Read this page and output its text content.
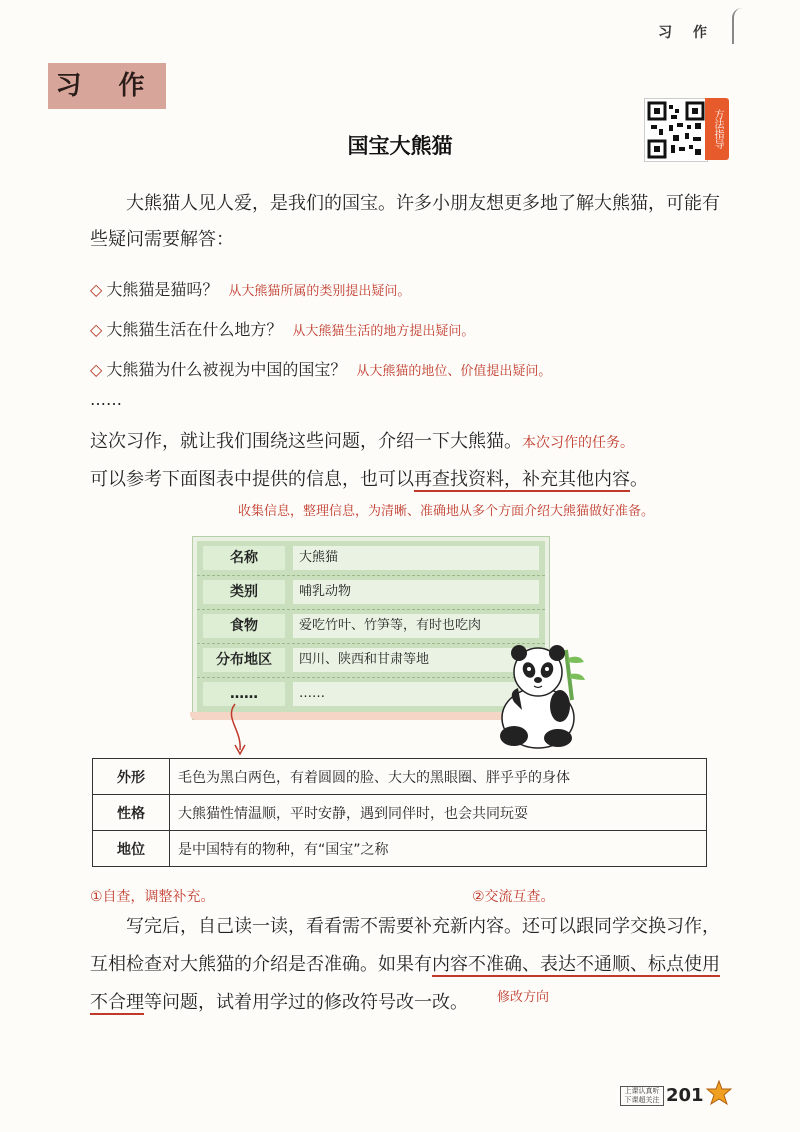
习 作
习 作
方法指导
国宝大熊猫
大熊猫人见人爱，是我们的国宝。许多小朋友想更多地了解大熊猫，可能有些疑问需要解答：
◇ 大熊猫是猫吗？ 从大熊猫所属的类别提出疑问。
◇ 大熊猫生活在什么地方？ 从大熊猫生活的地方提出疑问。
◇ 大熊猫为什么被视为中国的国宝？ 从大熊猫的地位、价值提出疑问。
……
这次习作，就让我们围绕这些问题，介绍一下大熊猫。本次习作的任务。
可以参考下面图表中提供的信息，也可以再查找资料，补充其他内容。
收集信息，整理信息，为清晰、准确地从多个方面介绍大熊猫做好准备。
名称	大熊猫
类别	哺乳动物
食物	爱吃竹叶、竹笋等，有时也吃肉
分布地区	四川、陕西和甘肃等地
……	……
外形	毛色为黑白两色，有着圆圆的脸、大大的黑眼圈、胖乎乎的身体
性格	大熊猫性情温顺，平时安静，遇到同伴时，也会共同玩耍
地位	是中国特有的物种，有“国宝”之称
①自查，调整补充。	②交流互查。
写完后，自己读一读，看看需不需要补充新内容。还可以跟同学交换习作，互相检查对大熊猫的介绍是否准确。如果有内容不准确、表达不通顺、标点使用不合理等问题，试着用学过的修改符号改一改。	修改方向
上课认真听 下课超关注 201
